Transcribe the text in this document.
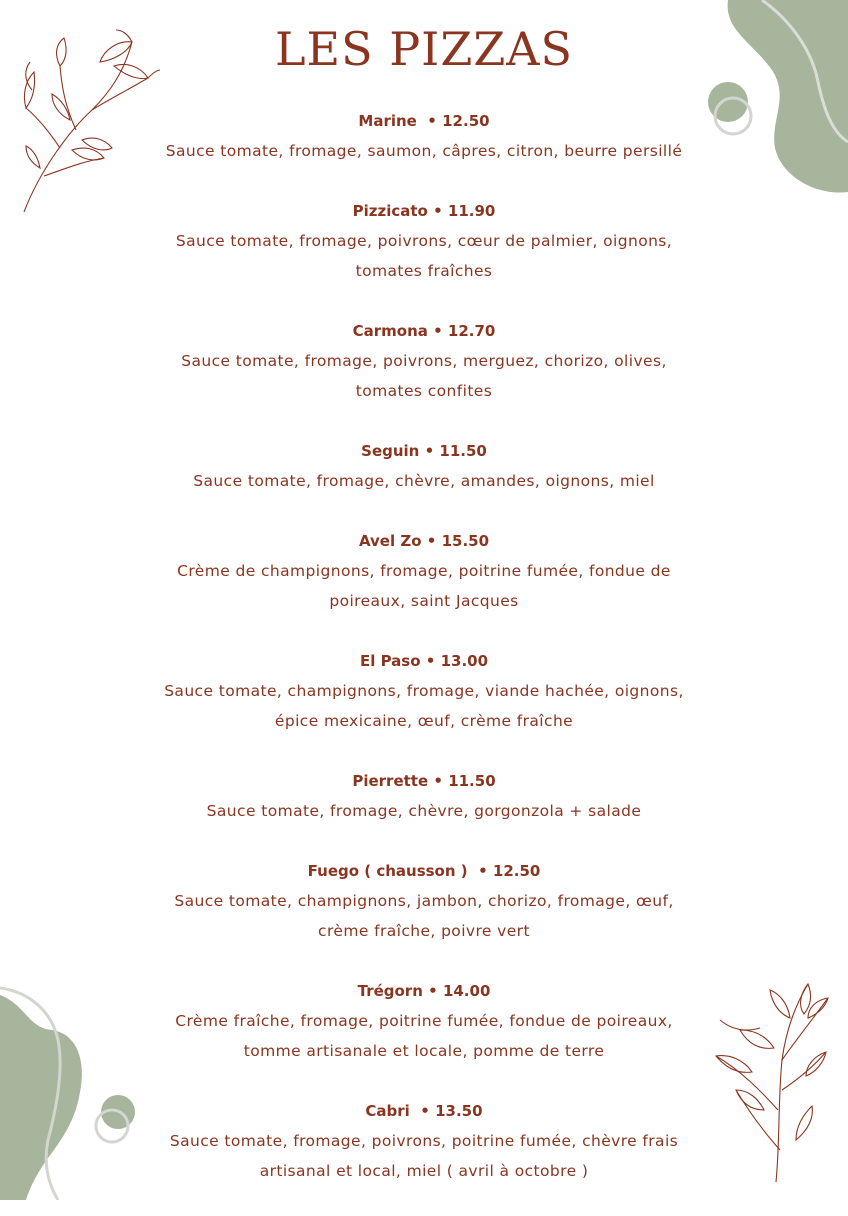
LES PIZZAS
Marine  • 12.50
Sauce tomate, fromage, saumon, câpres, citron, beurre persillé
Pizzicato • 11.90
Sauce tomate, fromage, poivrons, cœur de palmier, oignons,
tomates fraîches
Carmona • 12.70
Sauce tomate, fromage, poivrons, merguez, chorizo, olives,
tomates confites
Seguin • 11.50
Sauce tomate, fromage, chèvre, amandes, oignons, miel
Avel Zo • 15.50
Crème de champignons, fromage, poitrine fumée, fondue de
poireaux, saint Jacques
El Paso • 13.00
Sauce tomate, champignons, fromage, viande hachée, oignons,
épice mexicaine, œuf, crème fraîche
Pierrette • 11.50
Sauce tomate, fromage, chèvre, gorgonzola + salade
Fuego ( chausson )  • 12.50
Sauce tomate, champignons, jambon, chorizo, fromage, œuf,
crème fraîche, poivre vert
Trégorn • 14.00
Crème fraîche, fromage, poitrine fumée, fondue de poireaux,
tomme artisanale et locale, pomme de terre
Cabri  • 13.50
Sauce tomate, fromage, poivrons, poitrine fumée, chèvre frais
artisanal et local, miel ( avril à octobre )
